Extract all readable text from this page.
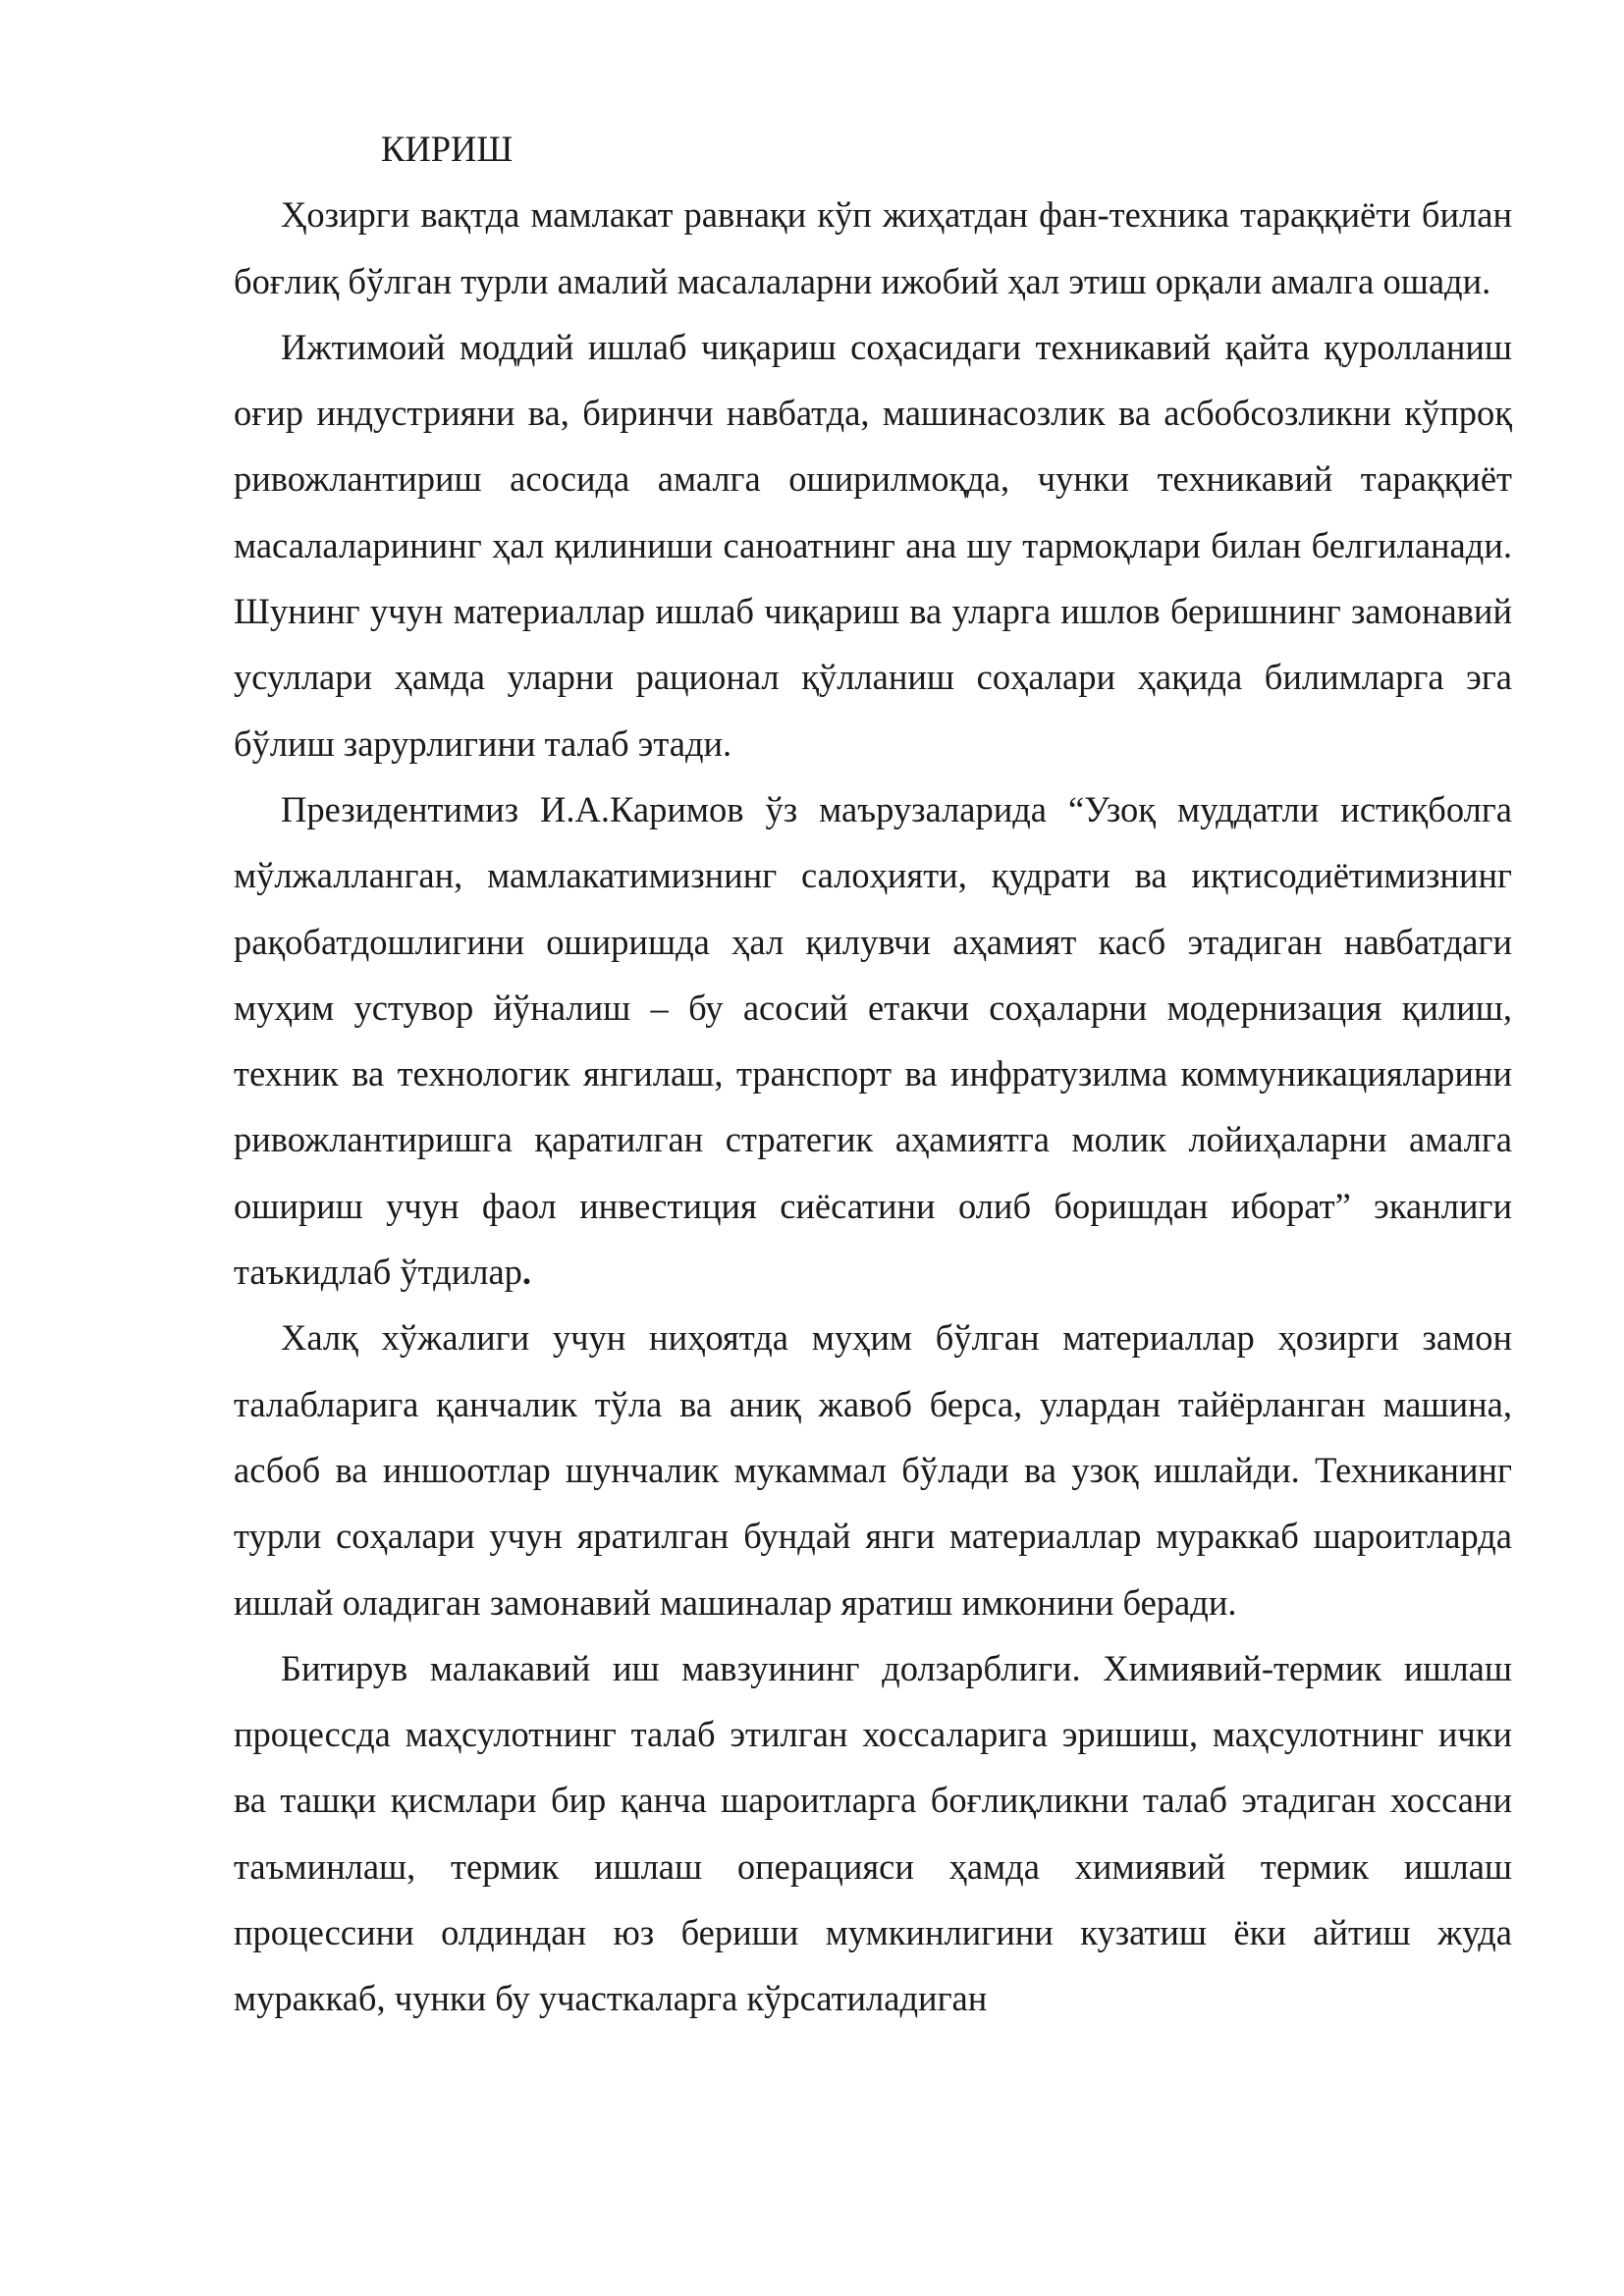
КИРИШ

Ҳозирги вақтда мамлакат равнақи кўп жиҳатдан фан-техника тараққиёти билан боғлиқ бўлган турли амалий масалаларни ижобий ҳал этиш орқали амалга ошади.

Ижтимоий моддий ишлаб чиқариш соҳасидаги техникавий қайта қуролланиш оғир индустрияни ва, биринчи навбатда, машинасозлик ва асбобсозликни кўпроқ ривожлантириш асосида амалга оширилмоқда, чунки техникавий тараққиёт масалаларининг ҳал қилиниши саноатнинг ана шу тармоқлари билан белгиланади. Шунинг учун материаллар ишлаб чиқариш ва уларга ишлов беришнинг замонавий усуллари ҳамда уларни рационал қўлланиш соҳалари ҳақида билимларга эга бўлиш зарурлигини талаб этади.

Президентимиз И.А.Каримов ўз маърузаларида “Узоқ муддатли истиқболга мўлжалланган, мамлакатимизнинг салоҳияти, қудрати ва иқтисодиётимизнинг рақобатдошлигини оширишда ҳал қилувчи аҳамият касб этадиган навбатдаги муҳим устувор йўналиш – бу асосий етакчи соҳаларни модернизация қилиш, техник ва технологик янгилаш, транспорт ва инфратузилма коммуникацияларини ривожлантиришга қаратилган стратегик аҳамиятга молик лойиҳаларни амалга ошириш учун фаол инвестиция сиёсатини олиб боришдан иборат” эканлиги таъкидлаб ўтдилар.

Халқ хўжалиги учун ниҳоятда муҳим бўлган материаллар ҳозирги замон талабларига қанчалик тўла ва аниқ жавоб берса, улардан тайёрланган машина, асбоб ва иншоотлар шунчалик мукаммал бўлади ва узоқ ишлайди. Техниканинг турли соҳалари учун яратилган бундай янги материаллар мураккаб шароитларда ишлай оладиган замонавий машиналар яратиш имконини беради.

Битирув малакавий иш мавзуининг долзарблиги. Химиявий-термик ишлаш процессда маҳсулотнинг талаб этилган хоссаларига эришиш, маҳсулотнинг ички ва ташқи қисмлари бир қанча шароитларга боғлиқликни талаб этадиган хоссани таъминлаш, термик ишлаш операцияси ҳамда химиявий термик ишлаш процессини олдиндан юз бериши мумкинлигини кузатиш ёки айтиш жуда мураккаб, чунки бу участкаларга кўрсатиладиган
